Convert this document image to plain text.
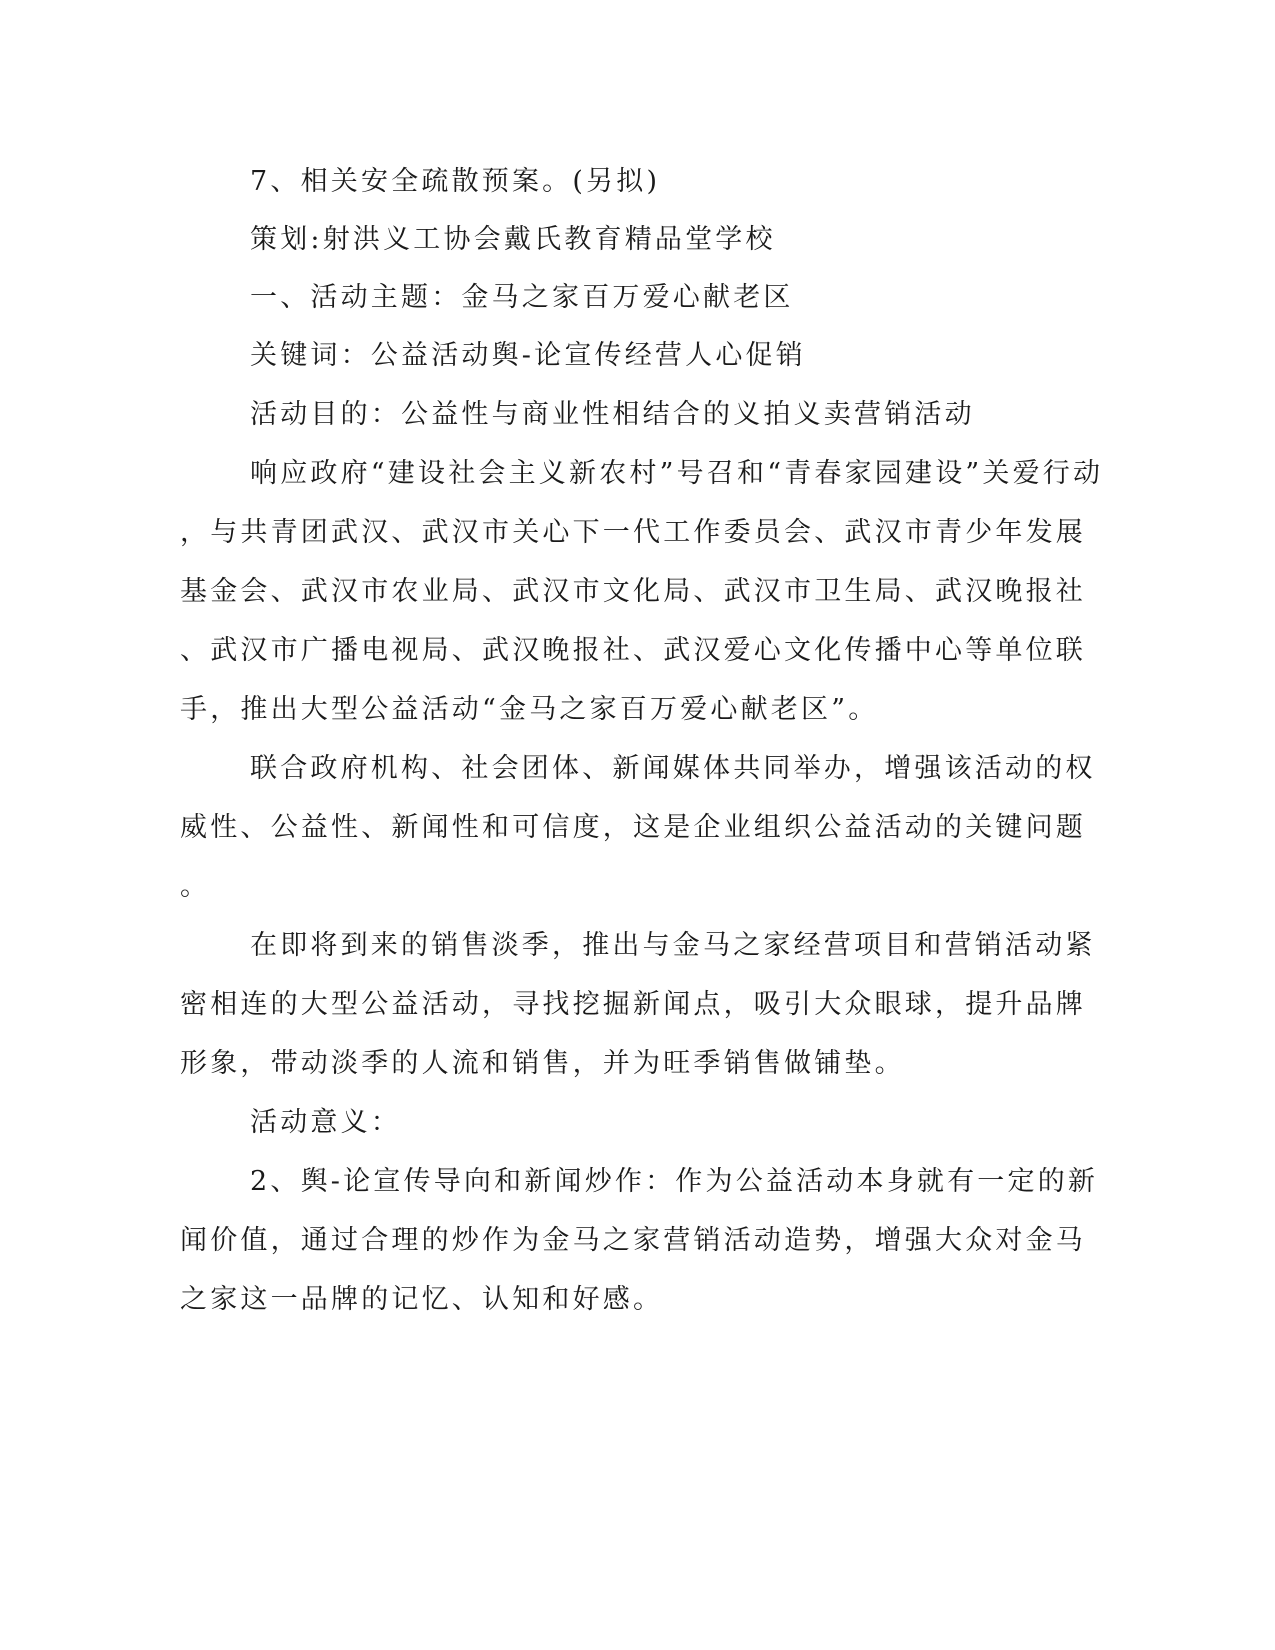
7、相关安全疏散预案。(另拟)
策划:射洪义工协会戴氏教育精品堂学校
一、活动主题：金马之家百万爱心献老区
关键词：公益活动舆-论宣传经营人心促销
活动目的：公益性与商业性相结合的义拍义卖营销活动
响应政府“建设社会主义新农村”号召和“青春家园建设”关爱行动
，与共青团武汉、武汉市关心下一代工作委员会、武汉市青少年发展
基金会、武汉市农业局、武汉市文化局、武汉市卫生局、武汉晚报社
、武汉市广播电视局、武汉晚报社、武汉爱心文化传播中心等单位联
手，推出大型公益活动“金马之家百万爱心献老区”。
联合政府机构、社会团体、新闻媒体共同举办，增强该活动的权
威性、公益性、新闻性和可信度，这是企业组织公益活动的关键问题
。
在即将到来的销售淡季，推出与金马之家经营项目和营销活动紧
密相连的大型公益活动，寻找挖掘新闻点，吸引大众眼球，提升品牌
形象，带动淡季的人流和销售，并为旺季销售做铺垫。
活动意义：
2、舆-论宣传导向和新闻炒作：作为公益活动本身就有一定的新
闻价值，通过合理的炒作为金马之家营销活动造势，增强大众对金马
之家这一品牌的记忆、认知和好感。
